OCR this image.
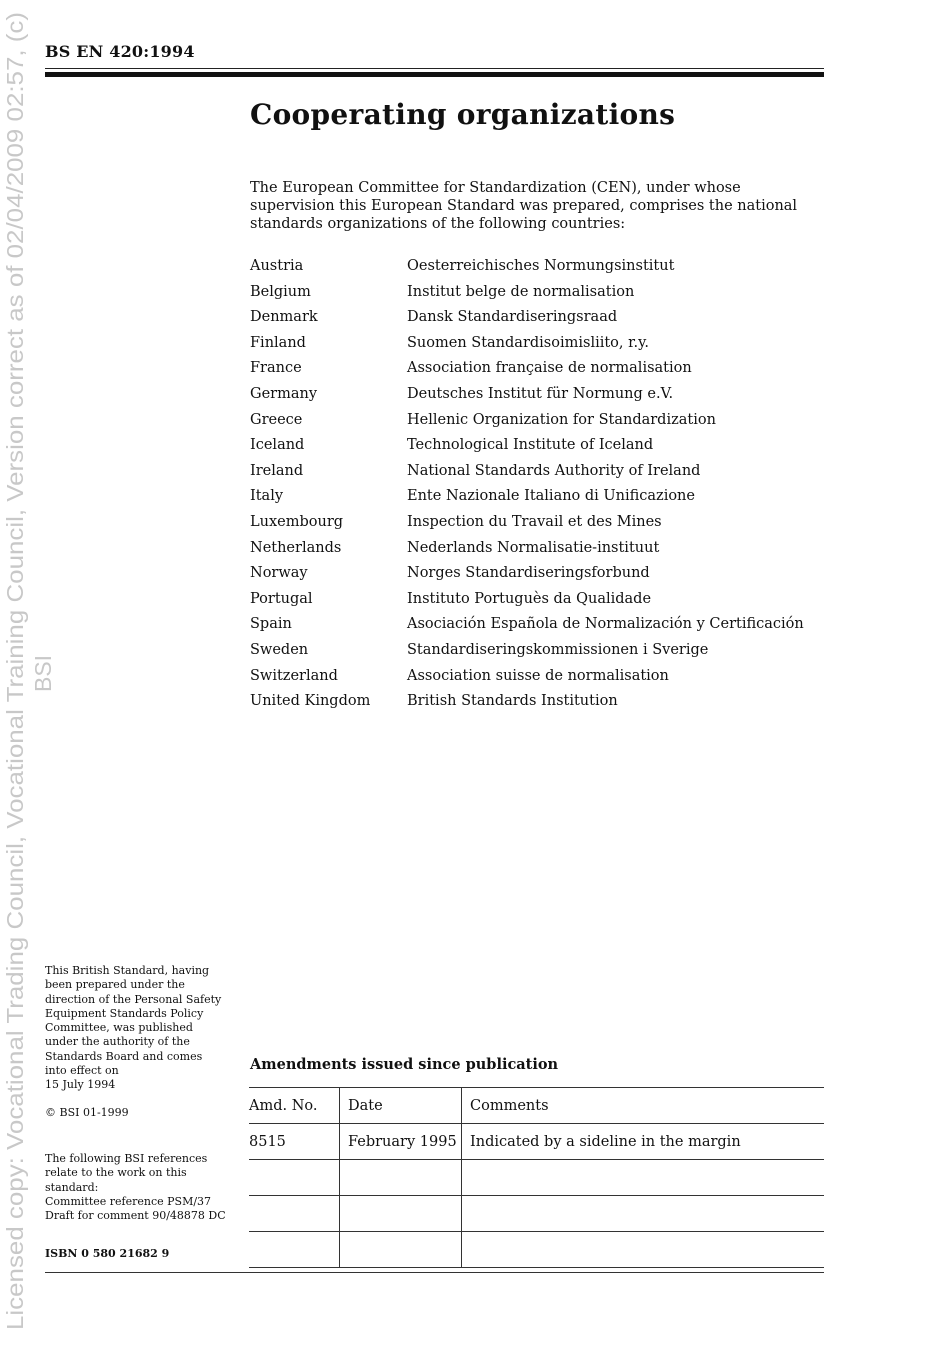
Licensed copy: Vocational Trading Council, Vocational Training Council, Version correct as of 02/04/2009 02:57, (c) BSI
BS EN 420:1994
Cooperating organizations
The European Committee for Standardization (CEN), under whose supervision this European Standard was prepared, comprises the national standards organizations of the following countries:
Austria	Oesterreichisches Normungsinstitut
Belgium	Institut belge de normalisation
Denmark	Dansk Standardiseringsraad
Finland	Suomen Standardisoimisliito, r.y.
France	Association française de normalisation
Germany	Deutsches Institut für Normung e.V.
Greece	Hellenic Organization for Standardization
Iceland	Technological Institute of Iceland
Ireland	National Standards Authority of Ireland
Italy	Ente Nazionale Italiano di Unificazione
Luxembourg	Inspection du Travail et des Mines
Netherlands	Nederlands Normalisatie-instituut
Norway	Norges Standardiseringsforbund
Portugal	Instituto Portuguès da Qualidade
Spain	Asociación Española de Normalización y Certificación
Sweden	Standardiseringskommissionen i Sverige
Switzerland	Association suisse de normalisation
United Kingdom	British Standards Institution
This British Standard, having
been prepared under the
direction of the Personal Safety
Equipment Standards Policy
Committee, was published
under the authority of the
Standards Board and comes
into effect on
15 July 1994
© BSI 01-1999
The following BSI references
relate to the work on this
standard:
Committee reference PSM/37
Draft for comment 90/48878 DC
ISBN 0 580 21682 9
Amendments issued since publication
Amd. No.	Date	Comments
8515	February 1995	Indicated by a sideline in the margin
